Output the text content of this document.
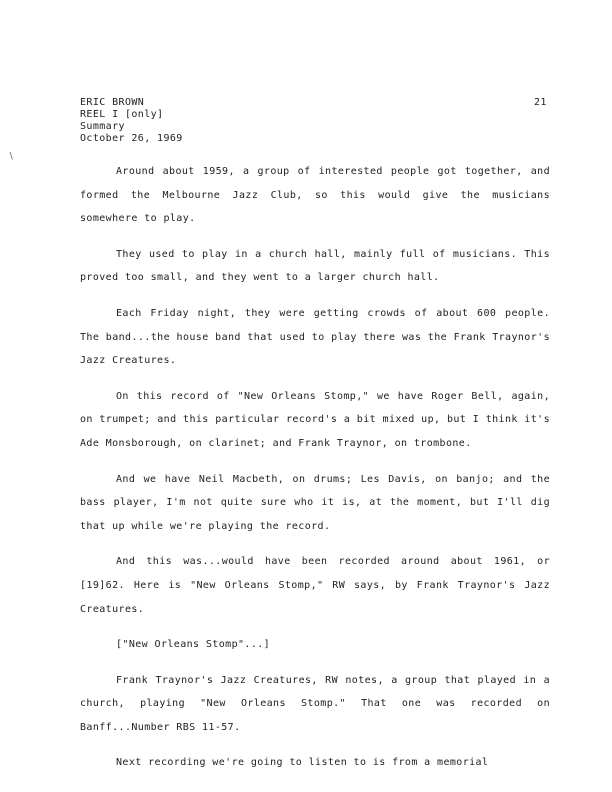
∖
ERIC BROWN
REEL I [only]
Summary
October 26, 1969
21

Around about 1959, a group of interested people got together, and formed the Melbourne Jazz Club, so this would give the musicians somewhere to play.

They used to play in a church hall, mainly full of musicians. This proved too small, and they went to a larger church hall.

Each Friday night, they were getting crowds of about 600 people. The band...the house band that used to play there was the Frank Traynor's Jazz Creatures.

On this record of "New Orleans Stomp," we have Roger Bell, again, on trumpet; and this particular record's a bit mixed up, but I think it's Ade Monsborough, on clarinet; and Frank Traynor, on trombone.

And we have Neil Macbeth, on drums; Les Davis, on banjo; and the bass player, I'm not quite sure who it is, at the moment, but I'll dig that up while we're playing the record.

And this was...would have been recorded around about 1961, or [19]62. Here is "New Orleans Stomp," RW says, by Frank Traynor's Jazz Creatures.

["New Orleans Stomp"...]

Frank Traynor's Jazz Creatures, RW notes, a group that played in a church, playing "New Orleans Stomp." That one was recorded on Banff...Number RBS 11-57.

Next recording we're going to listen to is from a memorial
